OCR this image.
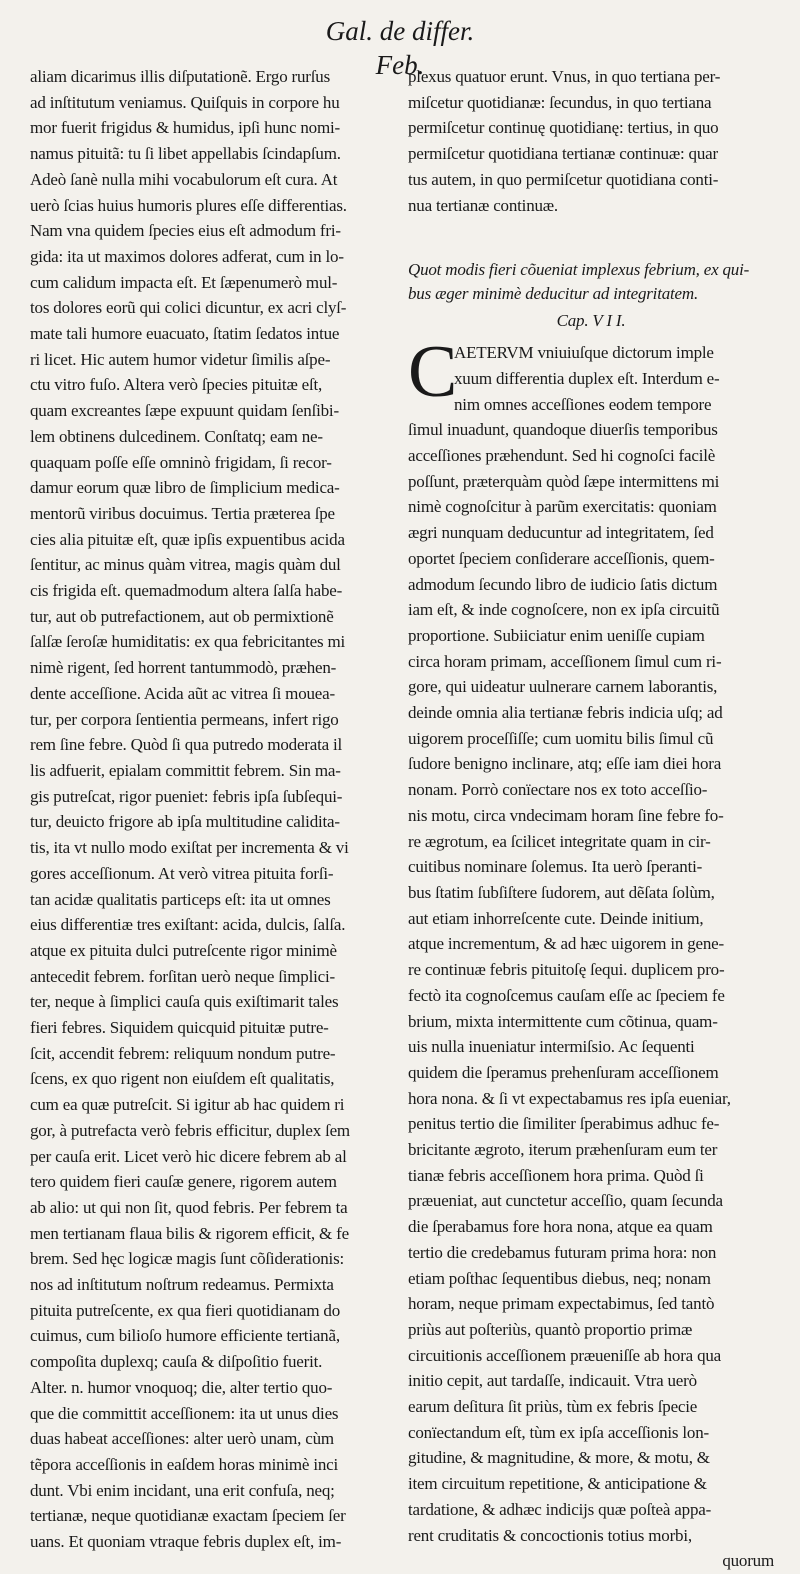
Gal. de differ. Feb.
aliam dicarimus illis diſputationẽ. Ergo rurſus
ad inſtitutum veniamus. Quiſquis in corpore hu
mor fuerit frigidus & humidus, ipſi hunc nomi-
namus pituitã: tu ſi libet appellabis ſcindapſum.
Adeò ſanè nulla mihi vocabulorum eſt cura. At
uerò ſcias huius humoris plures eſſe differentias.
Nam vna quidem ſpecies eius eſt admodum fri-
gida: ita ut maximos dolores adferat, cum in lo-
cum calidum impacta eſt. Et ſæpenumerò mul-
tos dolores eorũ qui colici dicuntur, ex acri clyſ-
mate tali humore euacuato, ſtatim ſedatos intue
ri licet. Hic autem humor videtur ſimilis aſpe-
ctu vitro fuſo. Altera verò ſpecies pituitæ eſt,
quam excreantes ſæpe expuunt quidam ſenſibi-
lem obtinens dulcedinem. Conſtatq; eam ne-
quaquam poſſe eſſe omninò frigidam, ſi recor-
damur eorum quæ libro de ſimplicium medica-
mentorũ viribus docuimus. Tertia præterea ſpe
cies alia pituitæ eſt, quæ ipſis expuentibus acida
ſentitur, ac minus quàm vitrea, magis quàm dul
cis frigida eſt. quemadmodum altera ſalſa habe-
tur, aut ob putrefactionem, aut ob permixtionẽ
ſalſæ ſeroſæ humiditatis: ex qua febricitantes mi
nimè rigent, ſed horrent tantummodò, præhen-
dente acceſſione. Acida aũt ac vitrea ſi moueа-
tur, per corpora ſentientia permeans, infert rigo
rem ſine febre. Quòd ſi qua putredo moderata il
lis adfuerit, epialam committit febrem. Sin ma-
gis putreſcat, rigor pueniet: febris ipſa ſubſequi-
tur, deuicto frigore ab ipſa multitudine caliditа-
tis, ita vt nullo modo exiſtat per incrementa & vi
gores acceſſionum. At verò vitrea pituita forſi-
tan acidæ qualitatis particeps eſt: ita ut omnes
eius differentiæ tres exiſtant: acida, dulcis, ſalſa.
atque ex pituita dulci putreſcente rigor minimè
antecedit febrem. forſitan uerò neque ſimplici-
ter, neque à ſimplici cauſa quis exiſtimarit tales
fieri febres. Siquidem quicquid pituitæ putre-
ſcit, accendit febrem: reliquum nondum putre-
ſcens, ex quo rigent non eiuſdem eſt qualitatis,
cum ea quæ putreſcit. Si igitur ab hac quidem ri
gor, à putrefacta verò febris efficitur, duplex ſem
per cauſa erit. Licet verò hic dicere febrem ab al
tero quidem fieri cauſæ genere, rigorem autem
ab alio: ut qui non ſit, quod febris. Per febrem ta
men tertianam flaua bilis & rigorem efficit, & fe
brem. Sed hęc logicæ magis ſunt cõſiderationis:
nos ad inſtitutum noſtrum redeamus. Permixta
pituita putreſcente, ex qua fieri quotidianam do
cuimus, cum bilioſo humore efficiente tertianã,
compoſita duplexq; cauſa & diſpoſitio fuerit.
Alter. n. humor vnoquoq; die, alter tertio quo-
que die committit acceſſionem: ita ut unus dies
duas habeat acceſſiones: alter uerò unam, cùm
tẽpora acceſſionis in eaſdem horas minimè inci
dunt. Vbi enim incidant, una erit confuſa, neq;
tertianæ, neque quotidianæ exactam ſpeciem ſer
uans. Et quoniam vtraque febris duplex eſt, im-
plexus quatuor erunt. Vnus, in quo tertiana per-
miſcetur quotidianæ: ſecundus, in quo tertiana
permiſcetur continuę quotidianę: tertius, in quo
permiſcetur quotidiana tertianæ continuæ: quar
tus autem, in quo permiſcetur quotidiana conti-
nua tertianæ continuæ.
Quot modis fieri cõueniat implexus febrium, ex qui-
bus æger minimè deducitur ad integritatem.
Cap. V I I.
C
AETERVM vniuiuſque dictorum imple
xuum differentia duplex eſt. Interdum e-
nim omnes acceſſiones eodem tempore
ſimul inuadunt, quandoque diuerſis temporibus
acceſſiones præhendunt. Sed hi cognoſci facilè
poſſunt, præterquàm quòd ſæpe intermittens mi
nimè cognoſcitur à parũm exercitatis: quoniam
ægri nunquam deducuntur ad integritatem, ſed
oportet ſpeciem conſiderare acceſſionis, quem-
admodum ſecundo libro de iudicio ſatis dictum
iam eſt, & inde cognoſcere, non ex ipſa circuitũ
proportione. Subiiciatur enim ueniſſe cupiam
circa horam primam, acceſſionem ſimul cum ri-
gore, qui uideatur uulnerare carnem laborantis,
deinde omnia alia tertianæ febris indicia uſq; ad
uigorem proceſſiſſe; cum uomitu bilis ſimul cũ
ſudore benigno inclinare, atq; eſſe iam diei horа
nonam. Porrò conïectare nos ex toto acceſſio-
nis motu, circa vndecimam horam ſine febre fo-
re ægrotum, ea ſcilicet integritate quam in cir-
cuitibus nominare ſolemus. Ita uerò ſperanti-
bus ſtatim ſubſiſtere ſudorem, aut dẽſata ſolùm,
aut etiam inhorreſcente cute. Deinde initium,
atque incrementum, & ad hæc uigorem in gene-
re continuæ febris pituitoſę ſequi. duplicem pro-
fectò ita cognoſcemus cauſam eſſe ac ſpeciem fe
brium, mixta intermittente cum cõtinua, quam-
uis nulla inueniatur intermiſsio. Ac ſequenti
quidem die ſperamus prehenſuram acceſſionem
hora nona. & ſi vt expectabamus res ipſa eueniar,
penitus tertio die ſimiliter ſperabimus adhuc fe-
bricitante ægroto, iterum præhenſuram eum ter
tianæ febris acceſſionem hora prima. Quòd ſi
præueniat, aut cunctetur acceſſio, quam ſecunda
die ſperabamus fore hora nona, atque ea quam
tertio die credebamus futuram prima hora: non
etiam poſthac ſequentibus diebus, neq; nonam
horam, neque primam expectabimus, ſed tantò
priùs aut poſteriùs, quantò proportio primæ
circuitionis acceſſionem præueniſſe ab hora qua
initio cepit, aut tardaſſe, indicauit. Vtra uerò
earum deſitura ſit priùs, tùm ex febris ſpecie
conïectandum eſt, tùm ex ipſa acceſſionis lon-
gitudine, & magnitudine, & more, & motu, &
item circuitum repetitione, & anticipatione &
tardatione, & adhæc indicijs quæ poſteà appa-
rent cruditatis & concoctionis totius morbi,
quorum
